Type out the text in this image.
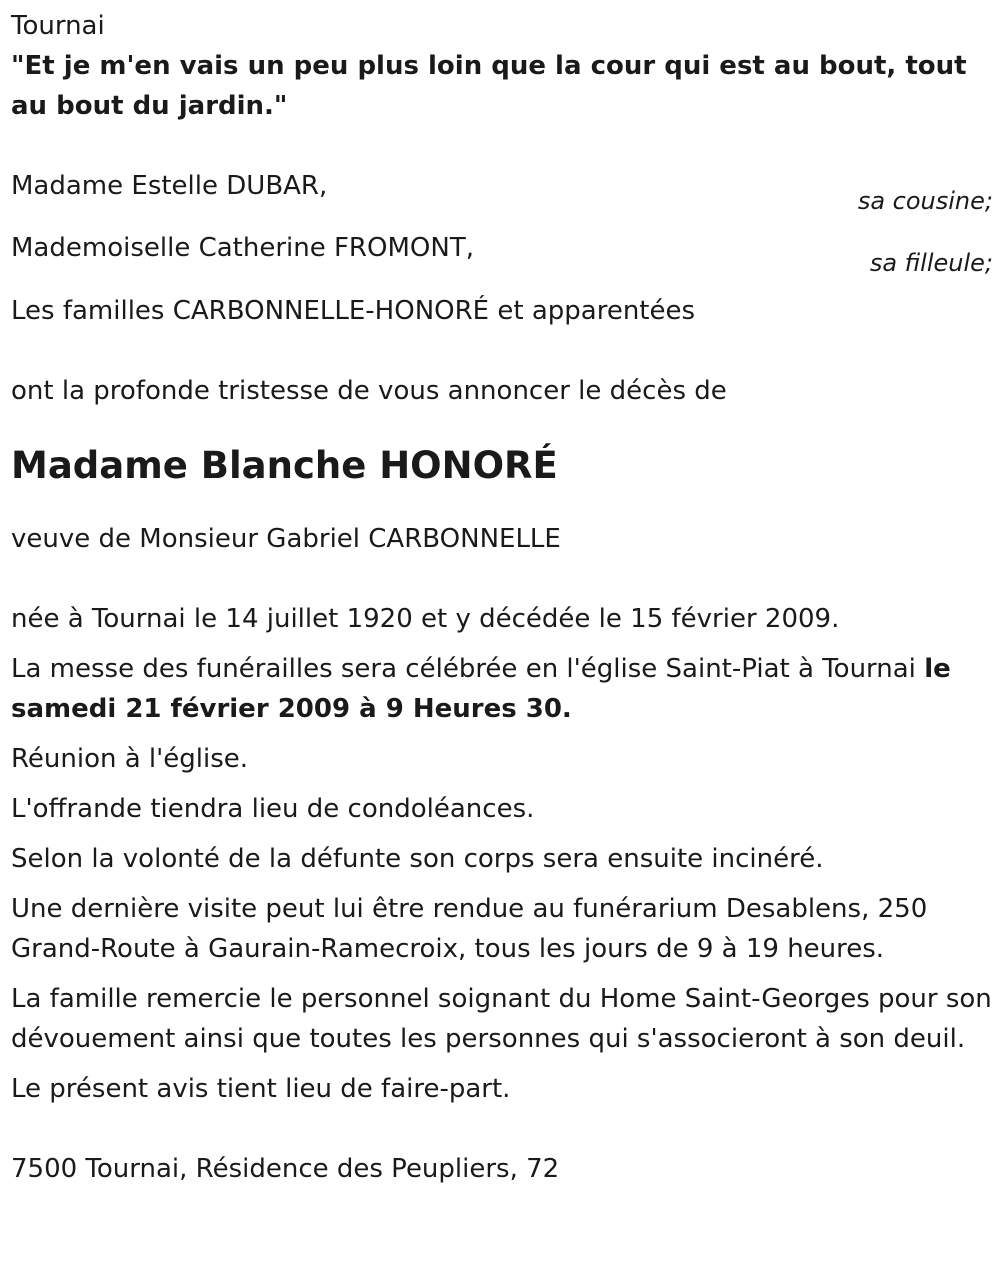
Tournai

"Et je m'en vais un peu plus loin que la cour qui est au bout, tout au bout du jardin."

Madame Estelle DUBAR,	sa cousine;
Mademoiselle Catherine FROMONT,	sa filleule;

Les familles CARBONNELLE-HONORÉ et apparentées

ont la profonde tristesse de vous annoncer le décès de

Madame Blanche HONORÉ

veuve de Monsieur Gabriel CARBONNELLE

née à Tournai le 14 juillet 1920 et y décédée le 15 février 2009.

La messe des funérailles sera célébrée en l'église Saint-Piat à Tournai le samedi 21 février 2009 à 9 Heures 30.

Réunion à l'église.

L'offrande tiendra lieu de condoléances.

Selon la volonté de la défunte son corps sera ensuite incinéré.

Une dernière visite peut lui être rendue au funérarium Desablens, 250 Grand-Route à Gaurain-Ramecroix, tous les jours de 9 à 19 heures.

La famille remercie le personnel soignant du Home Saint-Georges pour son dévouement ainsi que toutes les personnes qui s'associeront à son deuil.

Le présent avis tient lieu de faire-part.

7500 Tournai, Résidence des Peupliers, 72
